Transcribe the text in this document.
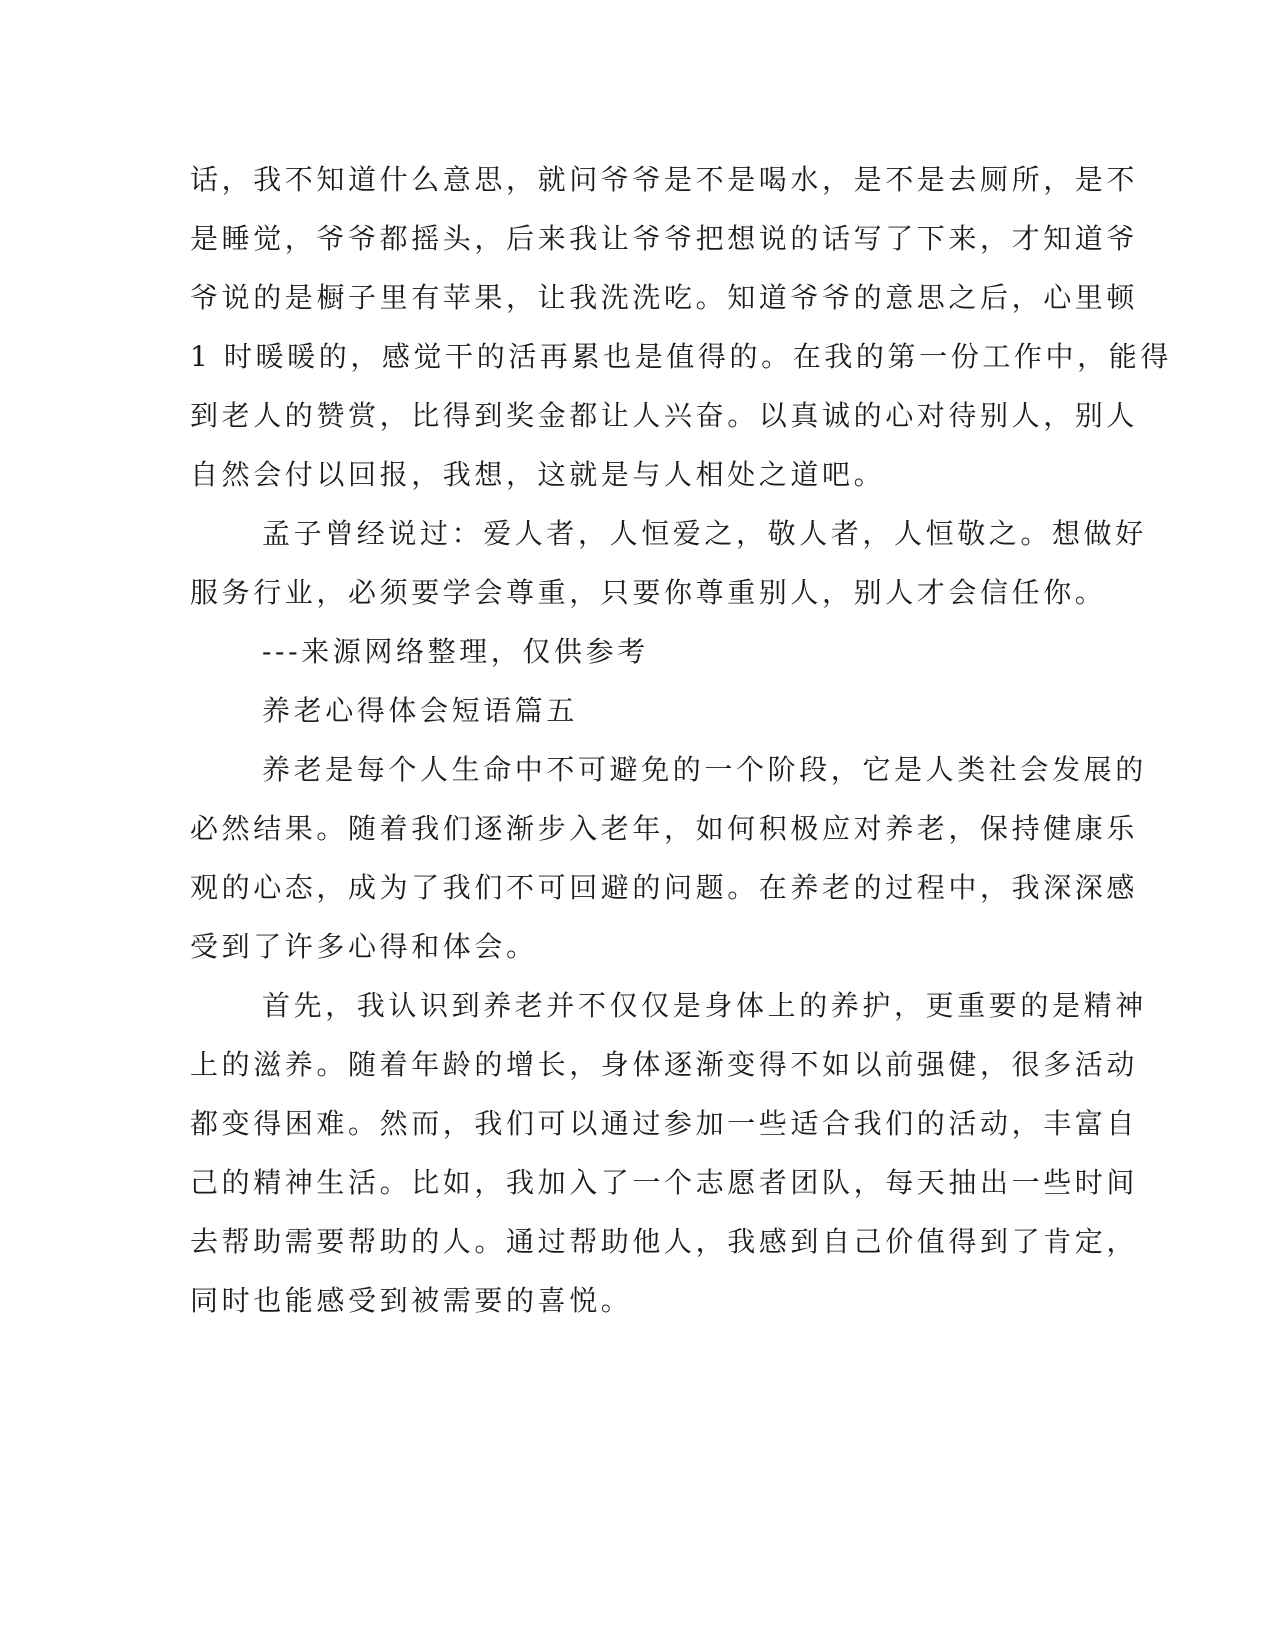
话，我不知道什么意思，就问爷爷是不是喝水，是不是去厕所，是不

是睡觉，爷爷都摇头，后来我让爷爷把想说的话写了下来，才知道爷

爷说的是橱子里有苹果，让我洗洗吃。知道爷爷的意思之后，心里顿

1 时暖暖的，感觉干的活再累也是值得的。在我的第一份工作中，能得

到老人的赞赏，比得到奖金都让人兴奋。以真诚的心对待别人，别人

自然会付以回报，我想，这就是与人相处之道吧。

孟子曾经说过：爱人者，人恒爱之，敬人者，人恒敬之。想做好

服务行业，必须要学会尊重，只要你尊重别人，别人才会信任你。

---来源网络整理，仅供参考

养老心得体会短语篇五

养老是每个人生命中不可避免的一个阶段，它是人类社会发展的

必然结果。随着我们逐渐步入老年，如何积极应对养老，保持健康乐

观的心态，成为了我们不可回避的问题。在养老的过程中，我深深感

受到了许多心得和体会。

首先，我认识到养老并不仅仅是身体上的养护，更重要的是精神

上的滋养。随着年龄的增长，身体逐渐变得不如以前强健，很多活动

都变得困难。然而，我们可以通过参加一些适合我们的活动，丰富自

己的精神生活。比如，我加入了一个志愿者团队，每天抽出一些时间

去帮助需要帮助的人。通过帮助他人，我感到自己价值得到了肯定，

同时也能感受到被需要的喜悦。
